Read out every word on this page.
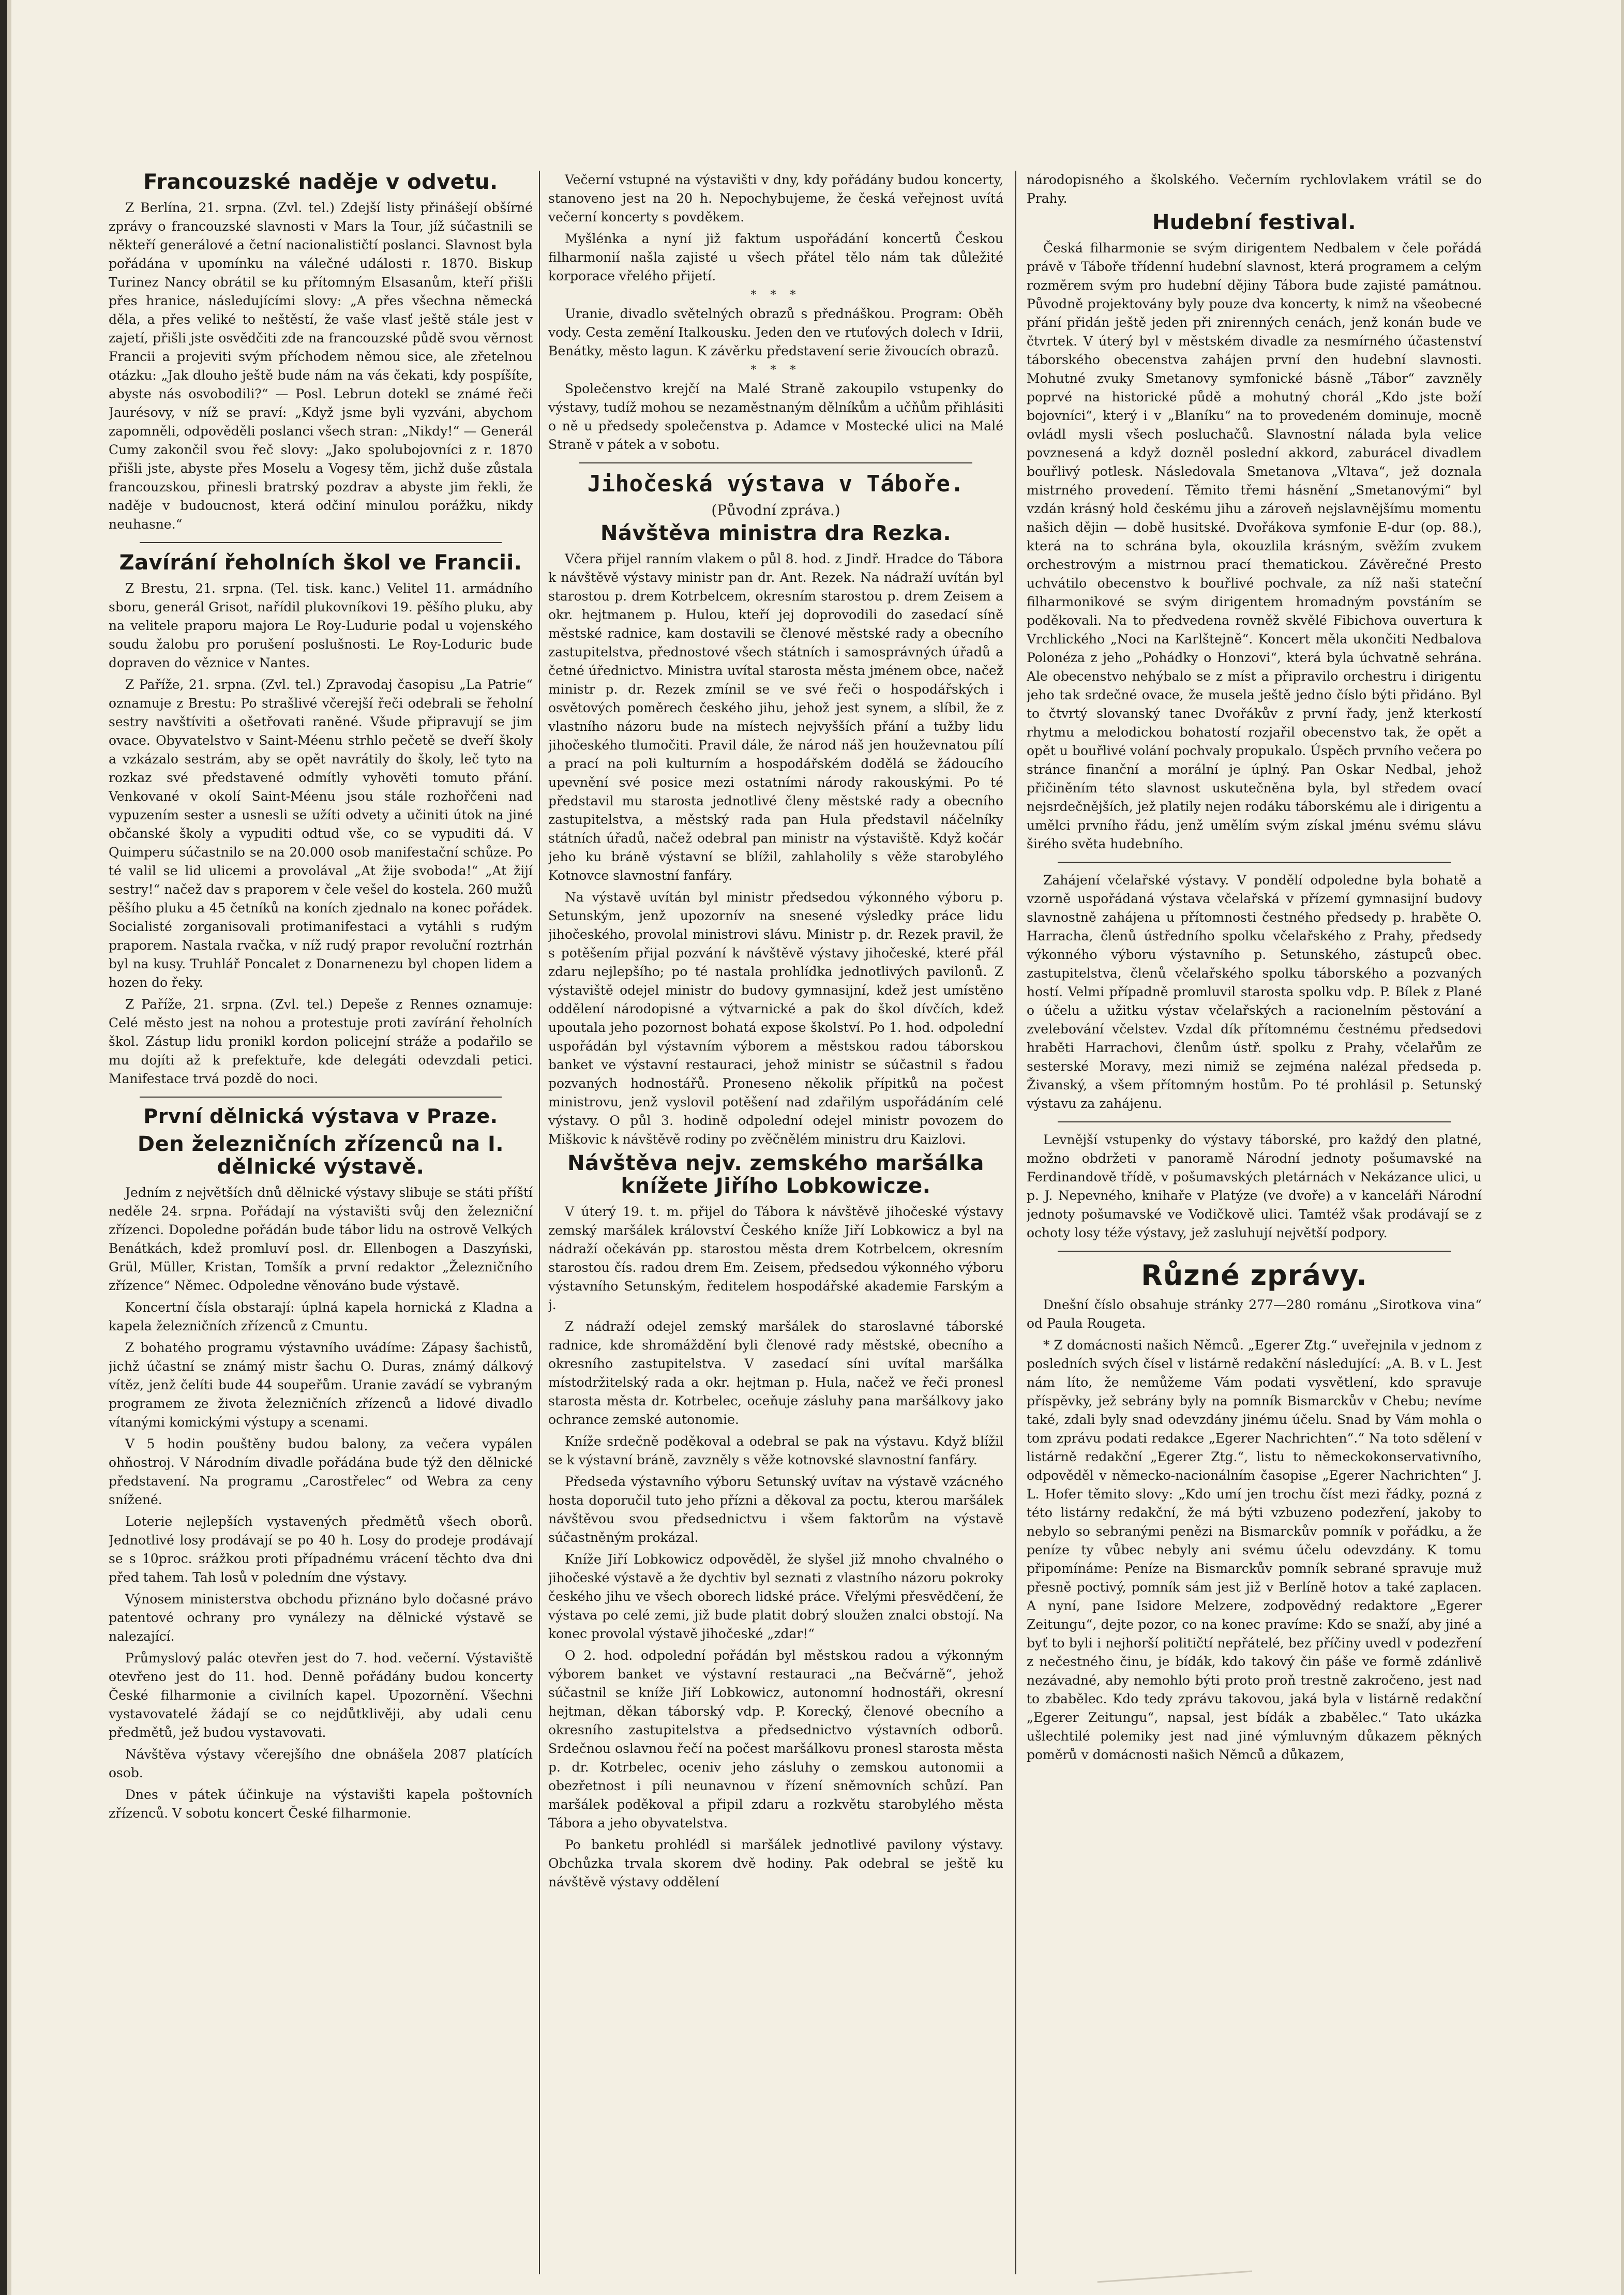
Francouzské naděje v odvetu.

Z Berlína, 21. srpna. (Zvl. tel.) Zdejší listy přinášejí obšírné zprávy o francouzské slavnosti v Mars la Tour, jíž súčastnili se někteří generálové a četní nacionalističtí poslanci. Slavnost byla pořádána v upomínku na válečné události r. 1870. Biskup Turinez Nancy obrátil se ku přítomným Elsasanům, kteří přišli přes hranice, následujícími slovy: „A přes všechna německá děla, a přes veliké to neštěstí, že vaše vlasť ještě stále jest v zajetí, přišli jste osvědčiti zde na francouzské půdě svou věrnost Francii a projeviti svým příchodem němou sice, ale zřetelnou otázku: „Jak dlouho ještě bude nám na vás čekati, kdy pospíšíte, abyste nás osvobodili?“ — Posl. Lebrun dotekl se známé řeči Jaurésovy, v níž se praví: „Když jsme byli vyzváni, abychom zapomněli, odpověděli poslanci všech stran: „Nikdy!“ — Generál Cumy zakončil svou řeč slovy: „Jako spolubojovníci z r. 1870 přišli jste, abyste přes Moselu a Vogesy těm, jichž duše zůstala francouzskou, přinesli bratrský pozdrav a abyste jim řekli, že naděje v budoucnost, která odčiní minulou porážku, nikdy neuhasne.“

Zavírání řeholních škol ve Francii.

Z Brestu, 21. srpna. (Tel. tisk. kanc.) Velitel 11. armádního sboru, generál Grisot, nařídil plukovníkovi 19. pěšího pluku, aby na velitele praporu majora Le Roy-Ludurie podal u vojenského soudu žalobu pro porušení poslušnosti. Le Roy-Loduric bude dopraven do věznice v Nantes.

Z Paříže, 21. srpna. (Zvl. tel.) Zpravodaj časopisu „La Patrie“ oznamuje z Brestu: Po strašlivé včerejší řeči odebrali se řeholní sestry navštíviti a ošetřovati raněné. Všude připravují se jim ovace. Obyvatelstvo v Saint-Méenu strhlo pečetě se dveří školy a vzkázalo sestrám, aby se opět navrátily do školy, leč tyto na rozkaz své představené odmítly vyhověti tomuto přání. Venkované v okolí Saint-Méenu jsou stále rozhořčeni nad vypuzením sester a usnesli se užíti odvety a učiniti útok na jiné občanské školy a vypuditi odtud vše, co se vypuditi dá. V Quimperu súčastnilo se na 20.000 osob manifestační schůze. Po té valil se lid ulicemi a provolával „At žije svoboda!“ „At žijí sestry!“ načež dav s praporem v čele vešel do kostela. 260 mužů pěšího pluku a 45 četníků na koních zjednalo na konec pořádek. Socialisté zorganisovali protimanifestaci a vytáhli s rudým praporem. Nastala rvačka, v níž rudý prapor revoluční roztrhán byl na kusy. Truhlář Poncalet z Donarnenezu byl chopen lidem a hozen do řeky.

Z Paříže, 21. srpna. (Zvl. tel.) Depeše z Rennes oznamuje: Celé město jest na nohou a protestuje proti zavírání řeholních škol. Zástup lidu pronikl kordon policejní stráže a podařilo se mu dojíti až k prefektuře, kde delegáti odevzdali petici. Manifestace trvá pozdě do noci.

První dělnická výstava v Praze.
Den železničních zřízenců na I. dělnické výstavě.

Jedním z největších dnů dělnické výstavy slibuje se státi příští neděle 24. srpna. Pořádají na výstavišti svůj den železniční zřízenci. Dopoledne pořádán bude tábor lidu na ostrově Velkých Benátkách, kdež promluví posl. dr. Ellenbogen a Daszyński, Grül, Müller, Kristan, Tomšík a první redaktor „Železničního zřízence“ Němec. Odpoledne věnováno bude výstavě.

Koncertní čísla obstarají: úplná kapela hornická z Kladna a kapela železničních zřízenců z Cmuntu.

Z bohatého programu výstavního uvádíme: Zápasy šachistů, jichž účastní se známý mistr šachu O. Duras, známý dálkový vítěz, jenž čelíti bude 44 soupeřům. Uranie zavádí se vybraným programem ze života železničních zřízenců a lidové divadlo vítanými komickými výstupy a scenami.

V 5 hodin pouštěny budou balony, za večera vypálen ohňostroj. V Národním divadle pořádána bude týž den dělnické představení. Na programu „Carostřelec“ od Webra za ceny snížené.

Loterie nejlepších vystavených předmětů všech oborů. Jednotlivé losy prodávají se po 40 h. Losy do prodeje prodávají se s 10proc. srážkou proti případnému vrácení těchto dva dni před tahem. Tah losů v poledním dne výstavy.

Výnosem ministerstva obchodu přiznáno bylo dočasné právo patentové ochrany pro vynálezy na dělnické výstavě se nalezající.

Průmyslový palác otevřen jest do 7. hod. večerní. Výstaviště otevřeno jest do 11. hod. Denně pořádány budou koncerty České filharmonie a civilních kapel. Upozornění. Všechni vystavovatelé žádají se co nejdůtklivěji, aby udali cenu předmětů, jež budou vystavovati.

Návštěva výstavy včerejšího dne obnášela 2087 platících osob.

Dnes v pátek účinkuje na výstavišti kapela poštovních zřízenců. V sobotu koncert České filharmonie.

Večerní vstupné na výstavišti v dny, kdy pořádány budou koncerty, stanoveno jest na 20 h. Nepochybujeme, že česká veřejnost uvítá večerní koncerty s povděkem.

Myšlénka a nyní již faktum uspořádání koncertů Českou filharmonií našla zajisté u všech přátel tělo nám tak důležité korporace vřelého přijetí.

* * *

Uranie, divadlo světelných obrazů s přednáškou. Program: Oběh vody. Cesta zemění Italkousku. Jeden den ve rtuťových dolech v Idrii, Benátky, město lagun. K závěrku představení serie živoucích obrazů.

* * *

Společenstvo krejčí na Malé Straně zakoupilo vstupenky do výstavy, tudíž mohou se nezaměstnaným dělníkům a učňům přihlásiti o ně u předsedy společenstva p. Adamce v Mostecké ulici na Malé Straně v pátek a v sobotu.

Jihočeská výstava v Táboře.
(Původní zpráva.)
Návštěva ministra dra Rezka.

Včera přijel ranním vlakem o půl 8. hod. z Jindř. Hradce do Tábora k návštěvě výstavy ministr pan dr. Ant. Rezek. Na nádraží uvítán byl starostou p. drem Kotrbelcem, okresním starostou p. drem Zeisem a okr. hejtmanem p. Hulou, kteří jej doprovodili do zasedací síně městské radnice, kam dostavili se členové městské rady a obecního zastupitelstva, přednostové všech státních i samosprávných úřadů a četné úřednictvo. Ministra uvítal starosta města jménem obce, načež ministr p. dr. Rezek zmínil se ve své řeči o hospodářských i osvětových poměrech českého jihu, jehož jest synem, a slíbil, že z vlastního názoru bude na místech nejvyšších přání a tužby lidu jihočeského tlumočiti. Pravil dále, že národ náš jen houževnatou pílí a prací na poli kulturním a hospodářském dodělá se žádoucího upevnění své posice mezi ostatními národy rakouskými. Po té představil mu starosta jednotlivé členy městské rady a obecního zastupitelstva, a městský rada pan Hula představil náčelníky státních úřadů, načež odebral pan ministr na výstaviště. Když kočár jeho ku bráně výstavní se blížil, zahlaholily s věže starobylého Kotnovce slavnostní fanfáry.

Na výstavě uvítán byl ministr předsedou výkonného výboru p. Setunským, jenž upozornív na snesené výsledky práce lidu jihočeského, provolal ministrovi slávu. Ministr p. dr. Rezek pravil, že s potěšením přijal pozvání k návštěvě výstavy jihočeské, které přál zdaru nejlepšího; po té nastala prohlídka jednotlivých pavilonů. Z výstaviště odejel ministr do budovy gymnasijní, kdež jest umístěno oddělení národopisné a výtvarnické a pak do škol dívčích, kdež upoutala jeho pozornost bohatá expose školství. Po 1. hod. odpolední uspořádán byl výstavním výborem a městskou radou táborskou banket ve výstavní restauraci, jehož ministr se súčastnil s řadou pozvaných hodnostářů. Proneseno několik přípitků na počest ministrovu, jenž vyslovil potěšení nad zdařilým uspořádáním celé výstavy. O půl 3. hodině odpolední odejel ministr povozem do Miškovic k návštěvě rodiny po zvěčnělém ministru dru Kaizlovi.

Návštěva nejv. zemského maršálka knížete Jiřího Lobkowicze.

V úterý 19. t. m. přijel do Tábora k návštěvě jihočeské výstavy zemský maršálek království Českého kníže Jiří Lobkowicz a byl na nádraží očekáván pp. starostou města drem Kotrbelcem, okresním starostou čís. radou drem Em. Zeisem, předsedou výkonného výboru výstavního Setunským, ředitelem hospodářské akademie Farským a j.

Z nádraží odejel zemský maršálek do staroslavné táborské radnice, kde shromáždění byli členové rady městské, obecního a okresního zastupitelstva. V zasedací síni uvítal maršálka místodržitelský rada a okr. hejtman p. Hula, načež ve řeči pronesl starosta města dr. Kotrbelec, oceňuje zásluhy pana maršálkovy jako ochrance zemské autonomie.

Kníže srdečně poděkoval a odebral se pak na výstavu. Když blížil se k výstavní bráně, zavzněly s věže kotnovské slavnostní fanfáry.

Předseda výstavního výboru Setunský uvítav na výstavě vzácného hosta doporučil tuto jeho přízni a děkoval za poctu, kterou maršálek návštěvou svou předsednictvu i všem faktorům na výstavě súčastněným prokázal.

Kníže Jiří Lobkowicz odpověděl, že slyšel již mnoho chvalného o jihočeské výstavě a že dychtiv byl seznati z vlastního názoru pokroky českého jihu ve všech oborech lidské práce. Vřelými přesvědčení, že výstava po celé zemi, již bude platit dobrý sloužen znalci obstojí. Na konec provolal výstavě jihočeské „zdar!“

O 2. hod. odpolední pořádán byl městskou radou a výkonným výborem banket ve výstavní restauraci „na Bečvárně“, jehož súčastnil se kníže Jiří Lobkowicz, autonomní hodnostáři, okresní hejtman, děkan táborský vdp. P. Korecký, členové obecního a okresního zastupitelstva a předsednictvo výstavních odborů. Srdečnou oslavnou řečí na počest maršálkovu pronesl starosta města p. dr. Kotrbelec, oceniv jeho zásluhy o zemskou autonomii a obezřetnost i píli neunavnou v řízení sněmovních schůzí. Pan maršálek poděkoval a připil zdaru a rozkvětu starobylého města Tábora a jeho obyvatelstva.

Po banketu prohlédl si maršálek jednotlivé pavilony výstavy. Obchůzka trvala skorem dvě hodiny. Pak odebral se ještě ku návštěvě výstavy oddělení

národopisného a školského. Večerním rychlovlakem vrátil se do Prahy.

Hudební festival.

Česká filharmonie se svým dirigentem Nedbalem v čele pořádá právě v Táboře třídenní hudební slavnost, která programem a celým rozměrem svým pro hudební dějiny Tábora bude zajisté památnou. Původně projektovány byly pouze dva koncerty, k nimž na všeobecné přání přidán ještě jeden při znirenných cenách, jenž konán bude ve čtvrtek. V úterý byl v městském divadle za nesmírného účastenství táborského obecenstva zahájen první den hudební slavnosti. Mohutné zvuky Smetanovy symfonické básně „Tábor“ zavzněly poprvé na historické půdě a mohutný chorál „Kdo jste boží bojovníci“, který i v „Blaníku“ na to provedeném dominuje, mocně ovládl mysli všech posluchačů. Slavnostní nálada byla velice povznesená a když dozněl poslední akkord, zaburácel divadlem bouřlivý potlesk. Následovala Smetanova „Vltava“, jež doznala mistrného provedení. Těmito třemi hásnění „Smetanovými“ byl vzdán krásný hold českému jihu a zároveň nejslavnějšímu momentu našich dějin — době husitské. Dvořákova symfonie E-dur (op. 88.), která na to schrána byla, okouzlila krásným, svěžím zvukem orchestrovým a mistrnou prací thematickou. Závěrečné Presto uchvátilo obecenstvo k bouřlivé pochvale, za níž naši stateční filharmonikové se svým dirigentem hromadným povstáním se poděkovali. Na to předvedena rovněž skvělé Fibichova ouvertura k Vrchlického „Noci na Karlštejně“. Koncert měla ukončiti Nedbalova Polonéza z jeho „Pohádky o Honzovi“, která byla úchvatně sehrána. Ale obecenstvo nehýbalo se z míst a připravilo orchestru i dirigentu jeho tak srdečné ovace, že musela ještě jedno číslo býti přidáno. Byl to čtvrtý slovanský tanec Dvořákův z první řady, jenž kterkostí rhytmu a melodickou bohatostí rozjařil obecenstvo tak, že opět a opět u bouřlivé volání pochvaly propukalo. Úspěch prvního večera po stránce finanční a morální je úplný. Pan Oskar Nedbal, jehož přičiněním této slavnost uskutečněna byla, byl středem ovací nejsrdečnějších, jež platily nejen rodáku táborskému ale i dirigentu a umělci prvního řádu, jenž umělím svým získal jménu svému slávu širého světa hudebního.

Zahájení včelařské výstavy. V pondělí odpoledne byla bohatě a vzorně uspořádaná výstava včelařská v přízemí gymnasijní budovy slavnostně zahájena u přítomnosti čestného předsedy p. hraběte O. Harracha, členů ústředního spolku včelařského z Prahy, předsedy výkonného výboru výstavního p. Setunského, zástupců obec. zastupitelstva, členů včelařského spolku táborského a pozvaných hostí. Velmi případně promluvil starosta spolku vdp. P. Bílek z Plané o účelu a užitku výstav včelařských a racionelním pěstování a zvelebování včelstev. Vzdal dík přítomnému čestnému předsedovi hraběti Harrachovi, členům ústř. spolku z Prahy, včelařům ze sesterské Moravy, mezi nimiž se zejména nalézal předseda p. Živanský, a všem přítomným hostům. Po té prohlásil p. Setunský výstavu za zahájenu.

Levnější vstupenky do výstavy táborské, pro každý den platné, možno obdržeti v panoramě Národní jednoty pošumavské na Ferdinandově třídě, v pošumavských pletárnách v Nekázance ulici, u p. J. Nepevného, knihaře v Platýze (ve dvoře) a v kanceláři Národní jednoty pošumavské ve Vodičkově ulici. Tamtéž však prodávají se z ochoty losy téže výstavy, jež zasluhují největší podpory.

Různé zprávy.

Dnešní číslo obsahuje stránky 277—280 románu „Sirotkova vina“ od Paula Rougeta.

* Z domácnosti našich Němců. „Egerer Ztg.“ uveřejnila v jednom z posledních svých čísel v listárně redakční následující: „A. B. v L. Jest nám líto, že nemůžeme Vám podati vysvětlení, kdo spravuje příspěvky, jež sebrány byly na pomník Bismarckův v Chebu; nevíme také, zdali byly snad odevzdány jinému účelu. Snad by Vám mohla o tom zprávu podati redakce „Egerer Nachrichten“.“ Na toto sdělení v listárně redakční „Egerer Ztg.“, listu to německokonservativního, odpověděl v německo-nacionálním časopise „Egerer Nachrichten“ J. L. Hofer těmito slovy: „Kdo umí jen trochu číst mezi řádky, pozná z této listárny redakční, že má býti vzbuzeno podezření, jakoby to nebylo so sebranými penězi na Bismarckův pomník v pořádku, a že peníze ty vůbec nebyly ani svému účelu odevzdány. K tomu připomínáme: Peníze na Bismarckův pomník sebrané spravuje muž přesně poctivý, pomník sám jest již v Berlíně hotov a také zaplacen. A nyní, pane Isidore Melzere, zodpovědný redaktore „Egerer Zeitungu“, dejte pozor, co na konec pravíme: Kdo se snaží, aby jiné a byť to byli i nejhorší političtí nepřátelé, bez příčiny uvedl v podezření z nečestného činu, je bídák, kdo takový čin páše ve formě zdánlivě nezávadné, aby nemohlo býti proto proň trestně zakročeno, jest nad to zbabělec. Kdo tedy zprávu takovou, jaká byla v listárně redakční „Egerer Zeitungu“, napsal, jest bídák a zbabělec.“ Tato ukázka ušlechtilé polemiky jest nad jiné výmluvným důkazem pěkných poměrů v domácnosti našich Němců a důkazem,
